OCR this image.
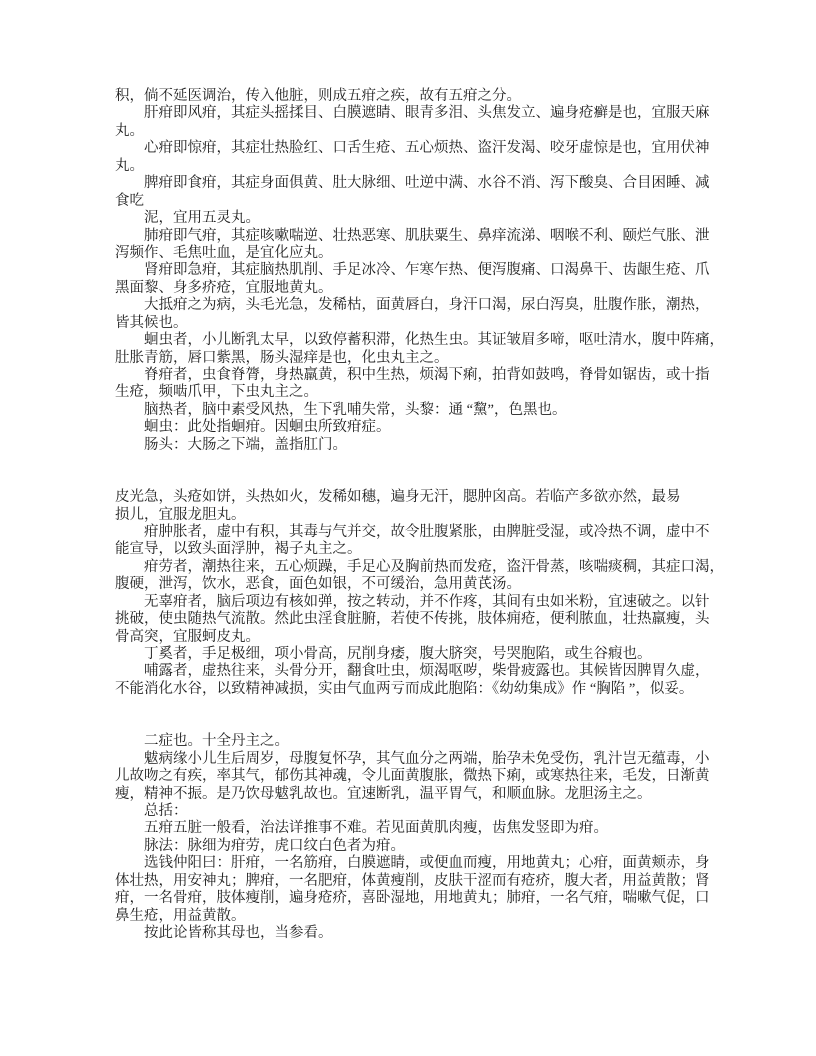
积，倘不延医调治，传入他脏，则成五疳之疾，故有五疳之分。
肝疳即风疳，其症头摇揉目、白膜遮睛、眼青多泪、头焦发立、遍身疮癣是也，宜服天麻
丸。
心疳即惊疳，其症壮热脸红、口舌生疮、五心烦热、盗汗发渴、咬牙虚惊是也，宜用伏神
丸。
脾疳即食疳，其症身面俱黄、肚大脉细、吐逆中满、水谷不消、泻下酸臭、合目困睡、减
食吃
泥，宜用五灵丸。
肺疳即气疳，其症咳嗽喘逆、壮热恶寒、肌肤粟生、鼻痒流涕、咽喉不利、颐烂气胀、泄
泻频作、毛焦吐血，是宜化应丸。
肾疳即急疳，其症脑热肌削、手足冰冷、乍寒乍热、便泻腹痛、口渴鼻干、齿龈生疮、爪
黑面黎、身多疥疮，宜服地黄丸。
大抵疳之为病，头毛光急，发稀枯，面黄唇白，身汗口渴，尿白泻臭，肚腹作胀，潮热，
皆其候也。
蛔虫者，小儿断乳太早，以致停蓄积滞，化热生虫。其证皱眉多啼，呕吐清水，腹中阵痛，
肚胀青筋，唇口紫黑，肠头湿痒是也，化虫丸主之。
脊疳者，虫食脊膂，身热羸黄，积中生热，烦渴下痢，拍背如鼓鸣，脊骨如锯齿，或十指
生疮，频啮爪甲，下虫丸主之。
脑热者，脑中素受风热，生下乳哺失常，头黎：通 “黧”，色黑也。
蛔虫：此处指蛔疳。因蛔虫所致疳症。
肠头：大肠之下端，盖指肛门。
皮光急，头疮如饼，头热如火，发稀如穗，遍身无汗，腮肿囟高。若临产多欲亦然，最易
损儿，宜服龙胆丸。
疳肿胀者，虚中有积，其毒与气并交，故令肚腹紧胀，由脾脏受湿，或冷热不调，虚中不
能宣导，以致头面浮肿，褐子丸主之。
疳劳者，潮热往来，五心烦躁，手足心及胸前热而发疮，盗汗骨蒸，咳喘痰稠，其症口渴，
腹硬，泄泻，饮水，恶食，面色如银，不可缓治，急用黄芪汤。
无辜疳者，脑后项边有核如弹，按之转动，并不作疼，其间有虫如米粉，宜速破之。以针
挑破，使虫随热气流散。然此虫淫食脏腑，若使不传挑，肢体痈疮，便利脓血，壮热羸瘦，头
骨高突，宜服蚵皮丸。
丁奚者，手足极细，项小骨高，尻削身痿，腹大脐突，号哭胞陷，或生谷瘕也。
哺露者，虚热往来，头骨分开，翻食吐虫，烦渴呕哕，柴骨疲露也。其候皆因脾胃久虚，
不能消化水谷，以致精神减损，实由气血两亏而成此胞陷：《幼幼集成》作 “胸陷 ”，似妥。
二症也。十全丹主之。
魃病缘小儿生后周岁，母腹复怀孕，其气血分之两端，胎孕未免受伤，乳汁岂无蕴毒，小
儿故吻之有疾，率其气，郁伤其神魂，令儿面黄腹胀，微热下痢，或寒热往来，毛发，日渐黄
瘦，精神不振。是乃饮母魃乳故也。宜速断乳，温平胃气，和顺血脉。龙胆汤主之。
总括：
五疳五脏一般看，治法详推事不难。若见面黄肌肉瘦，齿焦发竖即为疳。
脉法：脉细为疳劳，虎口纹白色者为疳。
选钱仲阳曰：肝疳，一名筋疳，白膜遮睛，或便血而瘦，用地黄丸；心疳，面黄颊赤，身
体壮热，用安神丸；脾疳，一名肥疳，体黄瘦削，皮肤干涩而有疮疥，腹大者，用益黄散；肾
疳，一名骨疳，肢体瘦削，遍身疮疥，喜卧湿地，用地黄丸；肺疳，一名气疳，喘嗽气促，口
鼻生疮，用益黄散。
按此论皆称其母也，当参看。
